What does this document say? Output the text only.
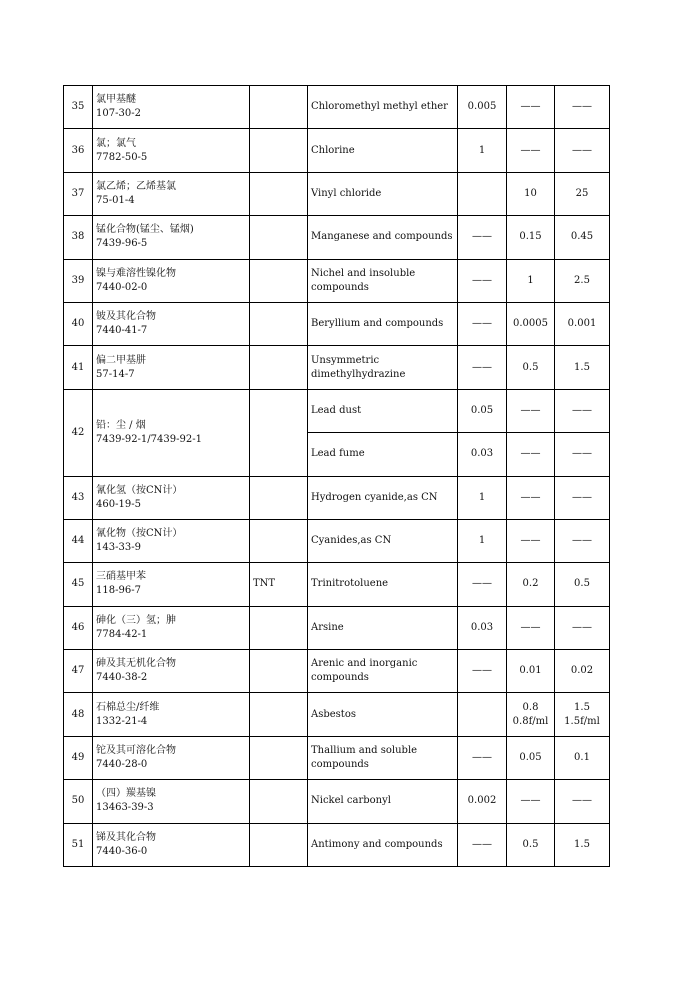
35	氯甲基醚
107-30-2		Chloromethyl methyl ether	0.005	——	——

36	氯；氯气
7782-50-5		Chlorine	1	——	——

37	氯乙烯；乙烯基氯
75-01-4		Vinyl chloride		10	25

38	锰化合物(锰尘、锰烟)
7439-96-5		Manganese and compounds	——	0.15	0.45

39	镍与难溶性镍化物
7440-02-0		Nichel and insoluble
compounds	——	1	2.5

40	铍及其化合物
7440-41-7		Beryllium and compounds	——	0.0005	0.001

41	偏二甲基肼
57-14-7		Unsymmetric
dimethylhydrazine	——	0.5	1.5

42	铅：尘 / 烟
7439-92-1/7439-92-1		Lead dust	0.05	——	——

			Lead fume	0.03	——	——

43	氰化氢（按CN计）
460-19-5		Hydrogen cyanide,as CN	1	——	——

44	氰化物（按CN计）
143-33-9		Cyanides,as CN	1	——	——

45	三硝基甲苯
118-96-7	TNT	Trinitrotoluene	——	0.2	0.5

46	砷化（三）氢；胂
7784-42-1		Arsine	0.03	——	——

47	砷及其无机化合物
7440-38-2		Arenic and inorganic
compounds	——	0.01	0.02

48	石棉总尘/纤维
1332-21-4		Asbestos		0.8
0.8f/ml	1.5
1.5f/ml

49	铊及其可溶化合物
7440-28-0		Thallium and soluble
compounds	——	0.05	0.1

50	（四）羰基镍
13463-39-3		Nickel carbonyl	0.002	——	——

51	锑及其化合物
7440-36-0		Antimony and compounds	——	0.5	1.5
